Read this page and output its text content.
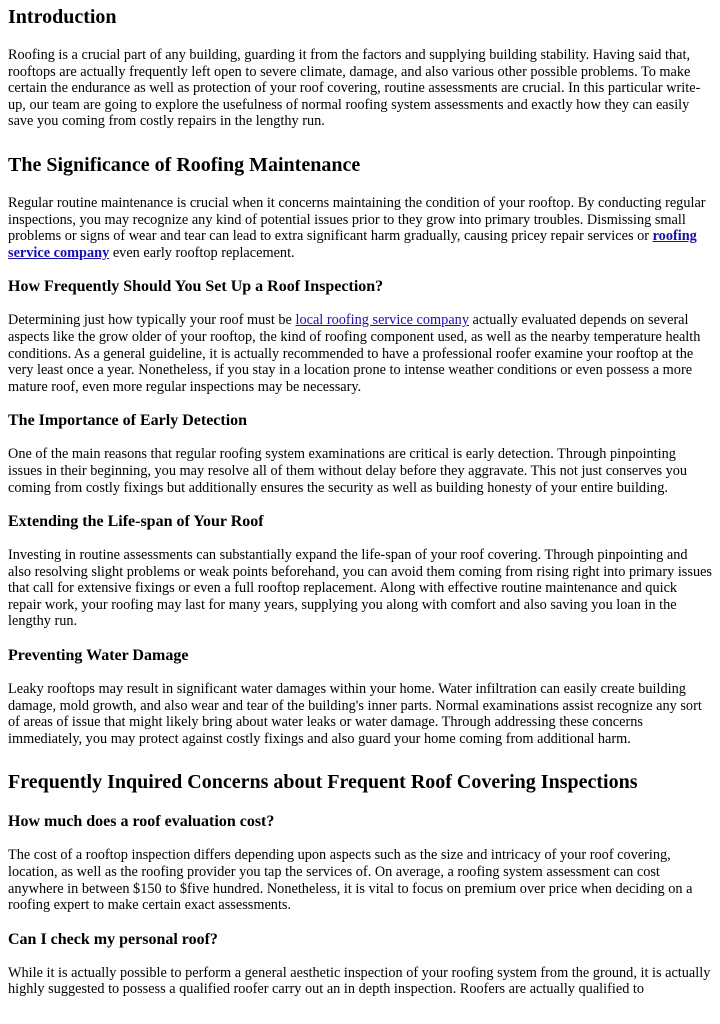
Introduction

Roofing is a crucial part of any building, guarding it from the factors and supplying building stability. Having said that, rooftops are actually frequently left open to severe climate, damage, and also various other possible problems. To make certain the endurance as well as protection of your roof covering, routine assessments are crucial. In this particular write-up, our team are going to explore the usefulness of normal roofing system assessments and exactly how they can easily save you coming from costly repairs in the lengthy run.

The Significance of Roofing Maintenance

Regular routine maintenance is crucial when it concerns maintaining the condition of your rooftop. By conducting regular inspections, you may recognize any kind of potential issues prior to they grow into primary troubles. Dismissing small problems or signs of wear and tear can lead to extra significant harm gradually, causing pricey repair services or roofing service company even early rooftop replacement.

How Frequently Should You Set Up a Roof Inspection?

Determining just how typically your roof must be local roofing service company actually evaluated depends on several aspects like the grow older of your rooftop, the kind of roofing component used, as well as the nearby temperature health conditions. As a general guideline, it is actually recommended to have a professional roofer examine your rooftop at the very least once a year. Nonetheless, if you stay in a location prone to intense weather conditions or even possess a more mature roof, even more regular inspections may be necessary.

The Importance of Early Detection

One of the main reasons that regular roofing system examinations are critical is early detection. Through pinpointing issues in their beginning, you may resolve all of them without delay before they aggravate. This not just conserves you coming from costly fixings but additionally ensures the security as well as building honesty of your entire building.

Extending the Life-span of Your Roof

Investing in routine assessments can substantially expand the life-span of your roof covering. Through pinpointing and also resolving slight problems or weak points beforehand, you can avoid them coming from rising right into primary issues that call for extensive fixings or even a full rooftop replacement. Along with effective routine maintenance and quick repair work, your roofing may last for many years, supplying you along with comfort and also saving you loan in the lengthy run.

Preventing Water Damage

Leaky rooftops may result in significant water damages within your home. Water infiltration can easily create building damage, mold growth, and also wear and tear of the building's inner parts. Normal examinations assist recognize any sort of areas of issue that might likely bring about water leaks or water damage. Through addressing these concerns immediately, you may protect against costly fixings and also guard your home coming from additional harm.

Frequently Inquired Concerns about Frequent Roof Covering Inspections
How much does a roof evaluation cost?

The cost of a rooftop inspection differs depending upon aspects such as the size and intricacy of your roof covering, location, as well as the roofing provider you tap the services of. On average, a roofing system assessment can cost anywhere in between $150 to $five hundred. Nonetheless, it is vital to focus on premium over price when deciding on a roofing expert to make certain exact assessments.

Can I check my personal roof?

While it is actually possible to perform a general aesthetic inspection of your roofing system from the ground, it is actually highly suggested to possess a qualified roofer carry out an in depth inspection. Roofers are actually qualified to
